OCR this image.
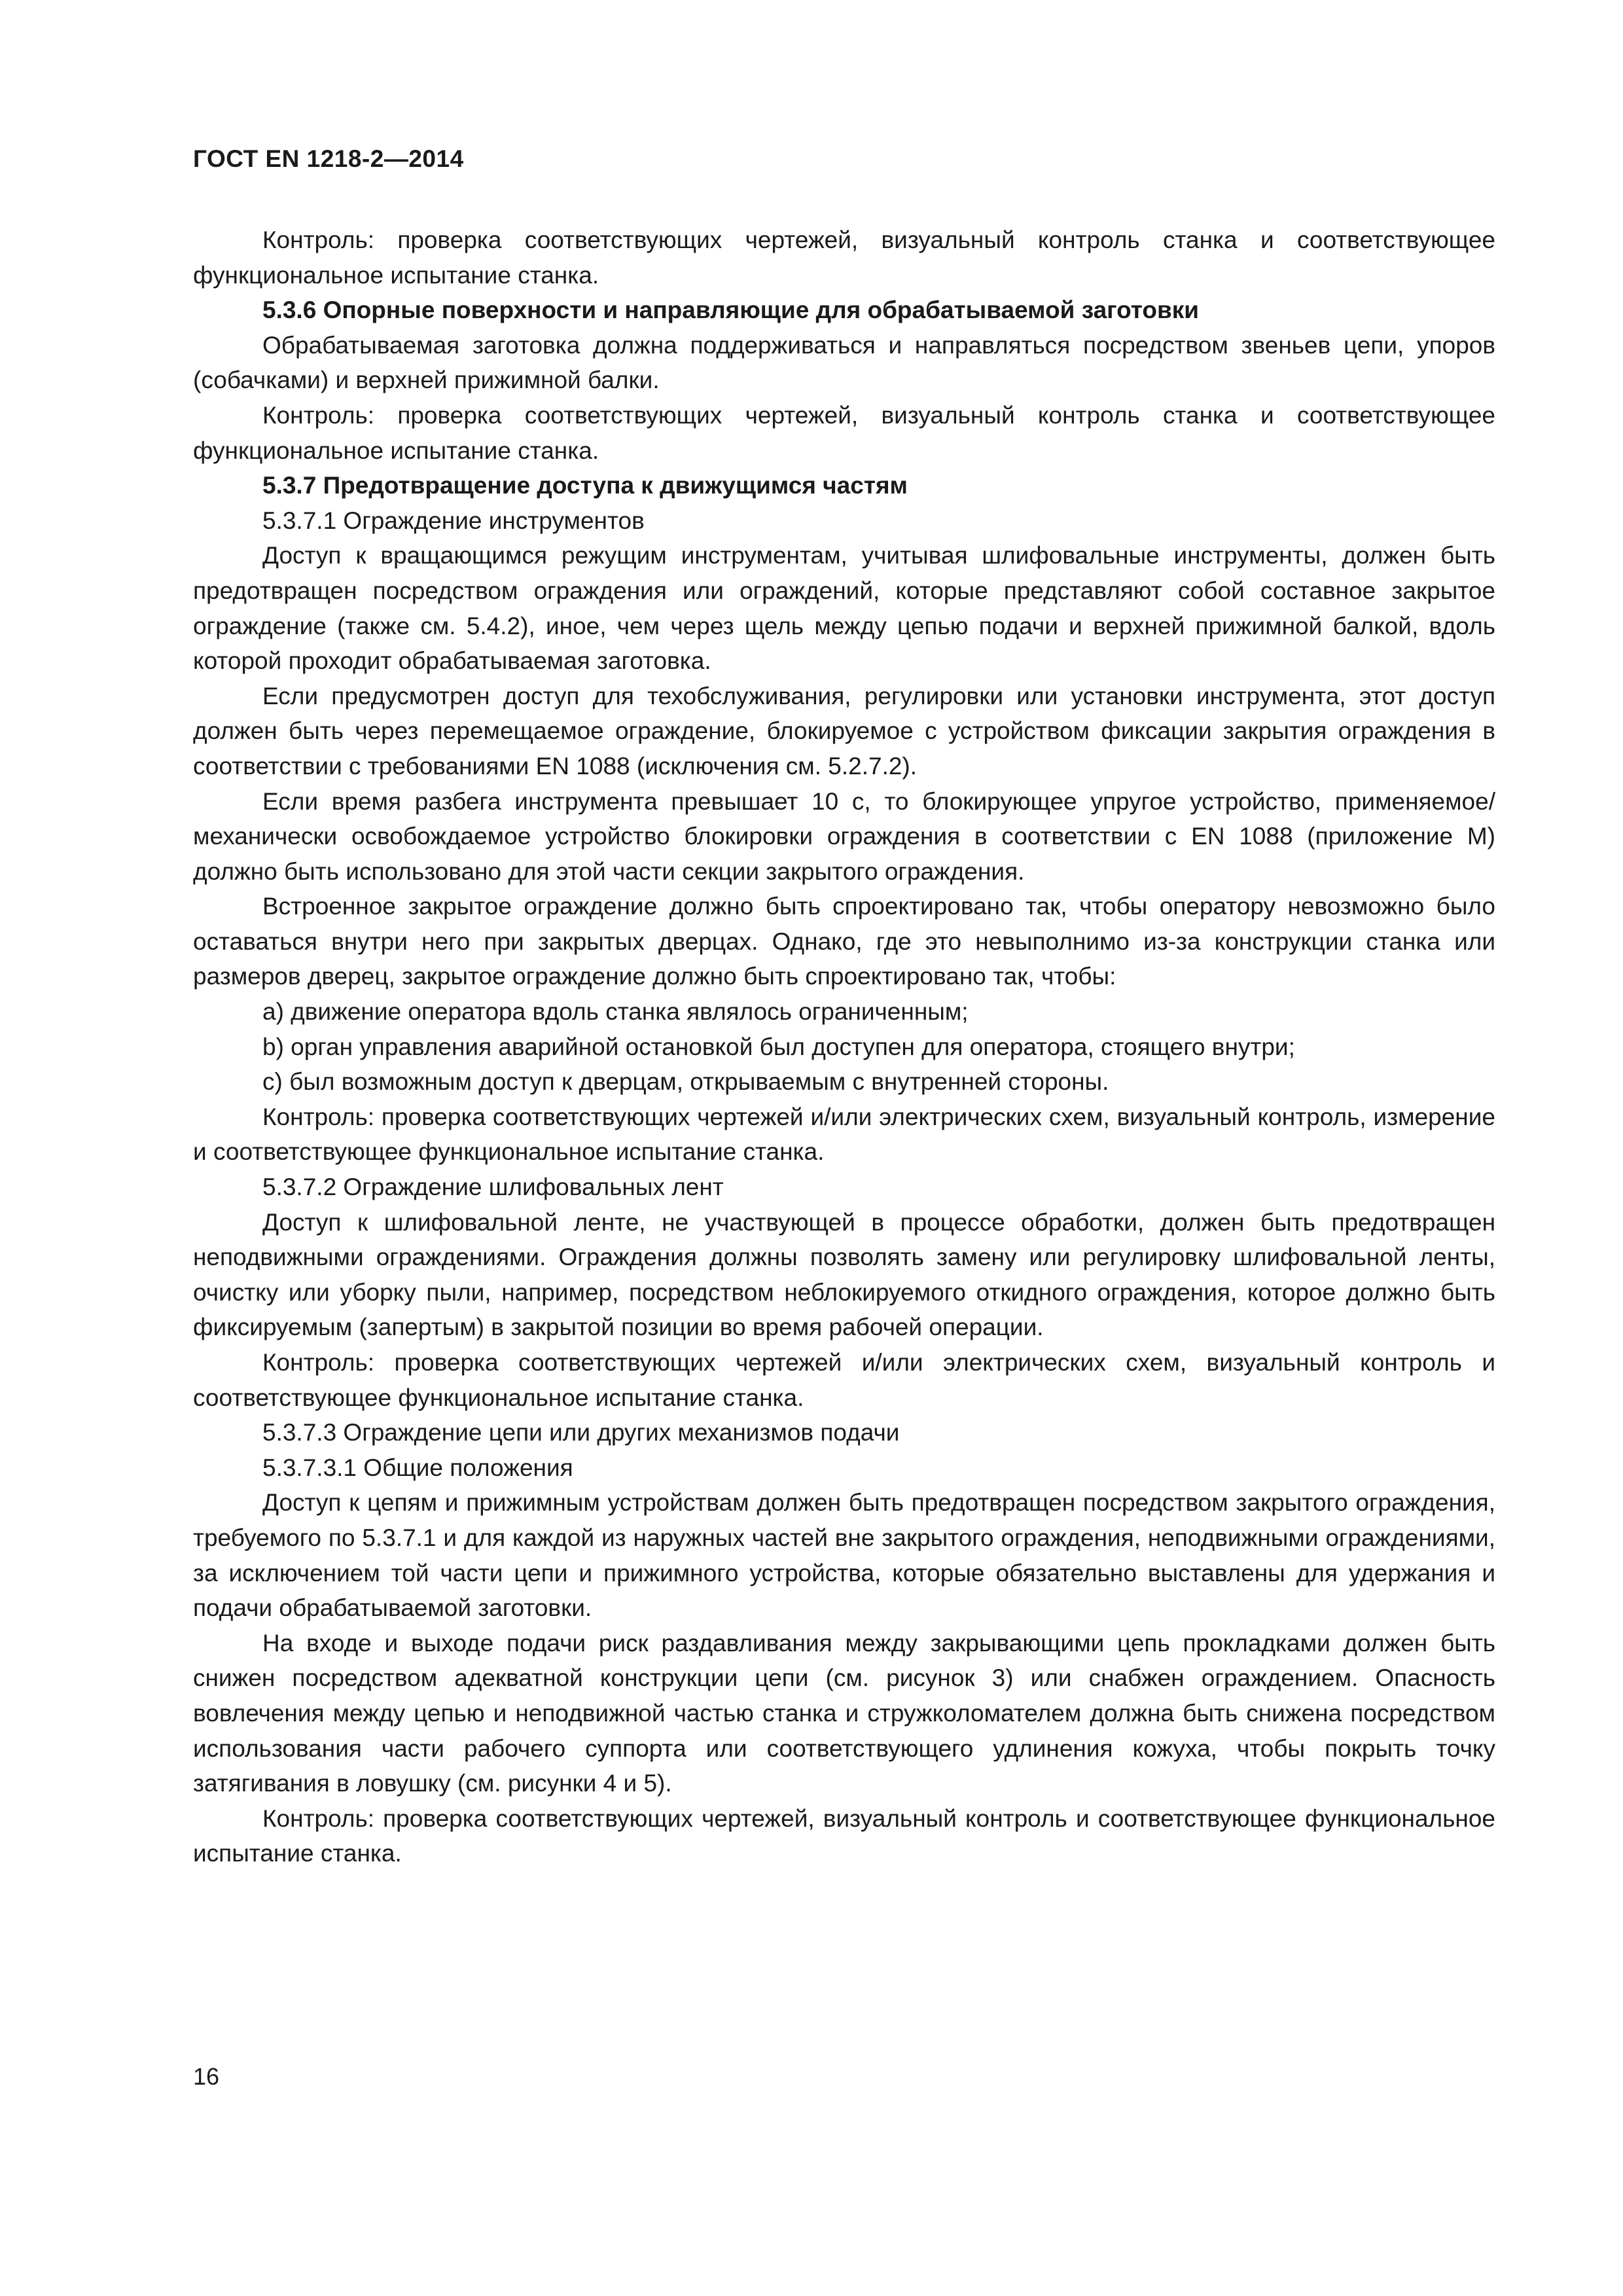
ГОСТ EN 1218-2—2014

Контроль: проверка соответствующих чертежей, визуальный контроль станка и соответствующее функциональное испытание станка.

5.3.6 Опорные поверхности и направляющие для обрабатываемой заготовки

Обрабатываемая заготовка должна поддерживаться и направляться посредством звеньев цепи, упоров (собачками) и верхней прижимной балки.

Контроль: проверка соответствующих чертежей, визуальный контроль станка и соответствующее функциональное испытание станка.

5.3.7 Предотвращение доступа к движущимся частям

5.3.7.1 Ограждение инструментов

Доступ к вращающимся режущим инструментам, учитывая шлифовальные инструменты, должен быть предотвращен посредством ограждения или ограждений, которые представляют собой составное закрытое ограждение (также см. 5.4.2), иное, чем через щель между цепью подачи и верхней прижимной балкой, вдоль которой проходит обрабатываемая заготовка.

Если предусмотрен доступ для техобслуживания, регулировки или установки инструмента, этот доступ должен быть через перемещаемое ограждение, блокируемое с устройством фиксации закрытия ограждения в соответствии с требованиями EN 1088 (исключения см. 5.2.7.2).

Если время разбега инструмента превышает 10 с, то блокирующее упругое устройство, применяемое/механически освобождаемое устройство блокировки ограждения в соответствии с EN 1088 (приложение М) должно быть использовано для этой части секции закрытого ограждения.

Встроенное закрытое ограждение должно быть спроектировано так, чтобы оператору невозможно было оставаться внутри него при закрытых дверцах. Однако, где это невыполнимо из-за конструкции станка или размеров дверец, закрытое ограждение должно быть спроектировано так, чтобы:

a) движение оператора вдоль станка являлось ограниченным;

b) орган управления аварийной остановкой был доступен для оператора, стоящего внутри;

c) был возможным доступ к дверцам, открываемым с внутренней стороны.

Контроль: проверка соответствующих чертежей и/или электрических схем, визуальный контроль, измерение и соответствующее функциональное испытание станка.

5.3.7.2 Ограждение шлифовальных лент

Доступ к шлифовальной ленте, не участвующей в процессе обработки, должен быть предотвращен неподвижными ограждениями. Ограждения должны позволять замену или регулировку шлифовальной ленты, очистку или уборку пыли, например, посредством неблокируемого откидного ограждения, которое должно быть фиксируемым (запертым) в закрытой позиции во время рабочей операции.

Контроль: проверка соответствующих чертежей и/или электрических схем, визуальный контроль и соответствующее функциональное испытание станка.

5.3.7.3 Ограждение цепи или других механизмов подачи

5.3.7.3.1 Общие положения

Доступ к цепям и прижимным устройствам должен быть предотвращен посредством закрытого ограждения, требуемого по 5.3.7.1 и для каждой из наружных частей вне закрытого ограждения, неподвижными ограждениями, за исключением той части цепи и прижимного устройства, которые обязательно выставлены для удержания и подачи обрабатываемой заготовки.

На входе и выходе подачи риск раздавливания между закрывающими цепь прокладками должен быть снижен посредством адекватной конструкции цепи (см. рисунок 3) или снабжен ограждением. Опасность вовлечения между цепью и неподвижной частью станка и стружколомателем должна быть снижена посредством использования части рабочего суппорта или соответствующего удлинения кожуха, чтобы покрыть точку затягивания в ловушку (см. рисунки 4 и 5).

Контроль: проверка соответствующих чертежей, визуальный контроль и соответствующее функциональное испытание станка.

16
